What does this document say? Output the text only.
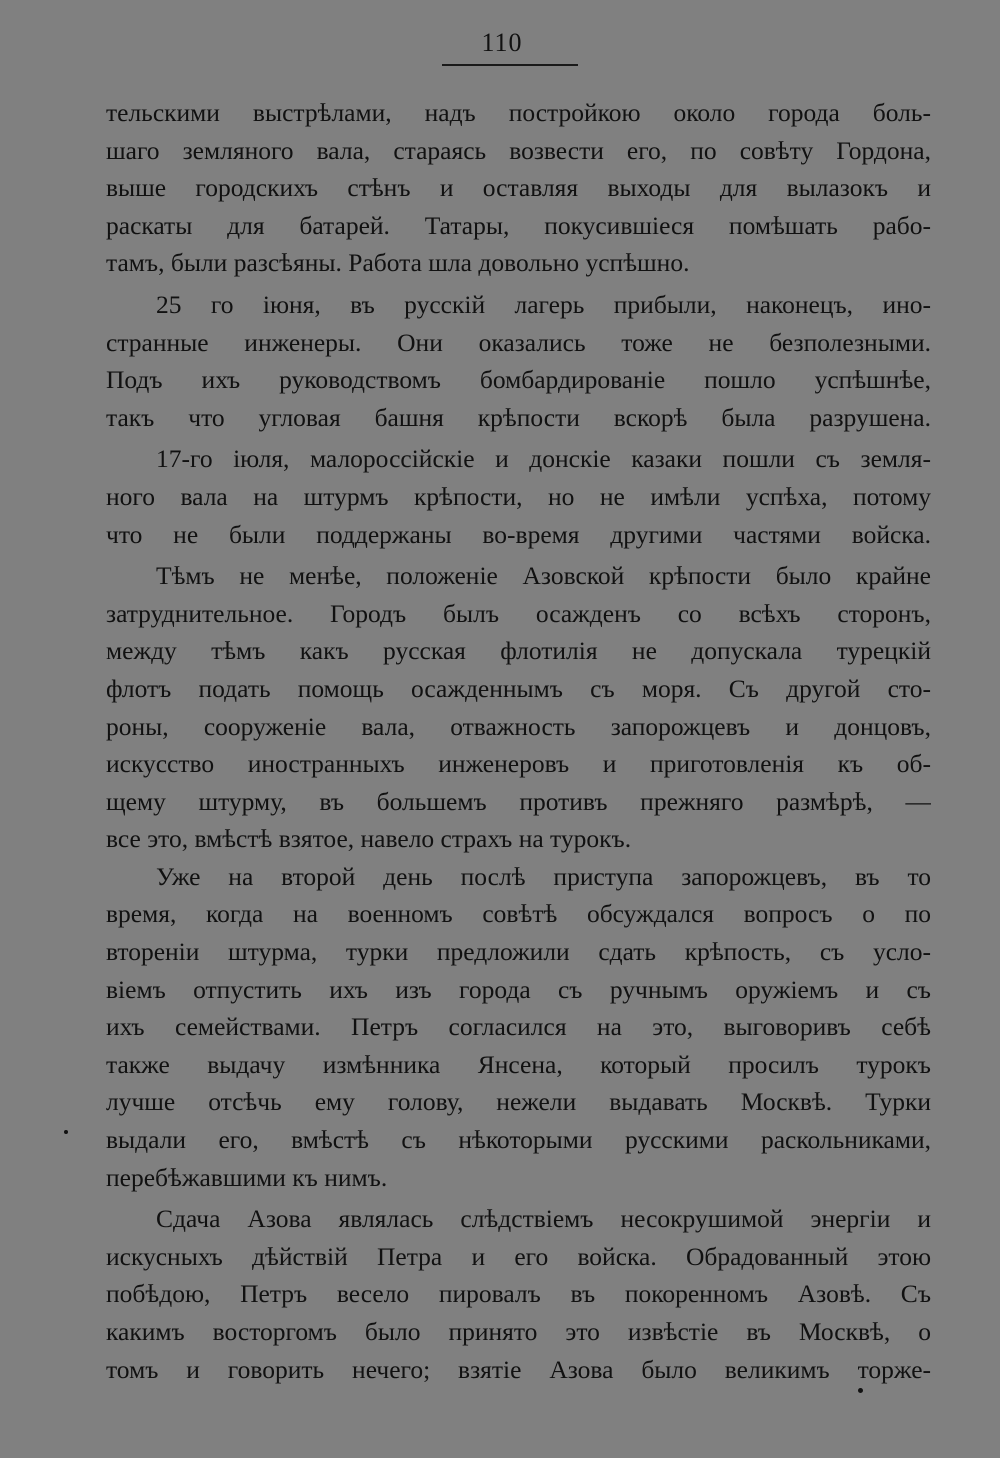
110
тельскими выстрѣлами, надъ постройкою около города боль-
шаго земляного вала, стараясь возвести его, по совѣту Гордона,
выше городскихъ стѣнъ и оставляя выходы для вылазокъ и
раскаты для батарей. Татары, покусившіеся помѣшать рабо-
тамъ, были разсѣяны. Работа шла довольно успѣшно.
25 го іюня, въ русскій лагерь прибыли, наконецъ, ино-
странные инженеры. Они оказались тоже не безполезными.
Подъ ихъ руководствомъ бомбардированіе пошло успѣшнѣе,
такъ что угловая башня крѣпости вскорѣ была разрушена.
17-го іюля, малороссійскіе и донскіе казаки пошли съ земля-
ного вала на штурмъ крѣпости, но не имѣли успѣха, потому
что не были поддержаны во-время другими частями войска.
Тѣмъ не менѣе, положеніе Азовской крѣпости было крайне
затруднительное. Городъ былъ осажденъ со всѣхъ сторонъ,
между тѣмъ какъ русская флотилія не допускала турецкій
флотъ подать помощь осажденнымъ съ моря. Съ другой сто-
роны, сооруженіе вала, отважность запорожцевъ и донцовъ,
искусство иностранныхъ инженеровъ и приготовленія къ об-
щему штурму, въ большемъ противъ прежняго размѣрѣ, —
все это, вмѣстѣ взятое, навело страхъ на турокъ.
Уже на второй день послѣ приступа запорожцевъ, въ то
время, когда на военномъ совѣтѣ обсуждался вопросъ о по
вторенiи штурма, турки предложили сдать крѣпость, съ усло-
віемъ отпустить ихъ изъ города съ ручнымъ оружіемъ и съ
ихъ семействами. Петръ согласился на это, выговоривъ себѣ
также выдачу измѣнника Янсена, который просилъ турокъ
лучше отсѣчь ему голову, нежели выдавать Москвѣ. Турки
выдали его, вмѣстѣ съ нѣкоторыми русскими раскольниками,
перебѣжавшими къ нимъ.
Сдача Азова являлась слѣдствіемъ несокрушимой энергіи и
искусныхъ дѣйствій Петра и его войска. Обрадованный этою
побѣдою, Петръ весело пировалъ въ покоренномъ Азовѣ. Съ
какимъ восторгомъ было принято это извѣстіе въ Москвѣ, о
томъ и говорить нечего; взятіе Азова было великимъ торже-
